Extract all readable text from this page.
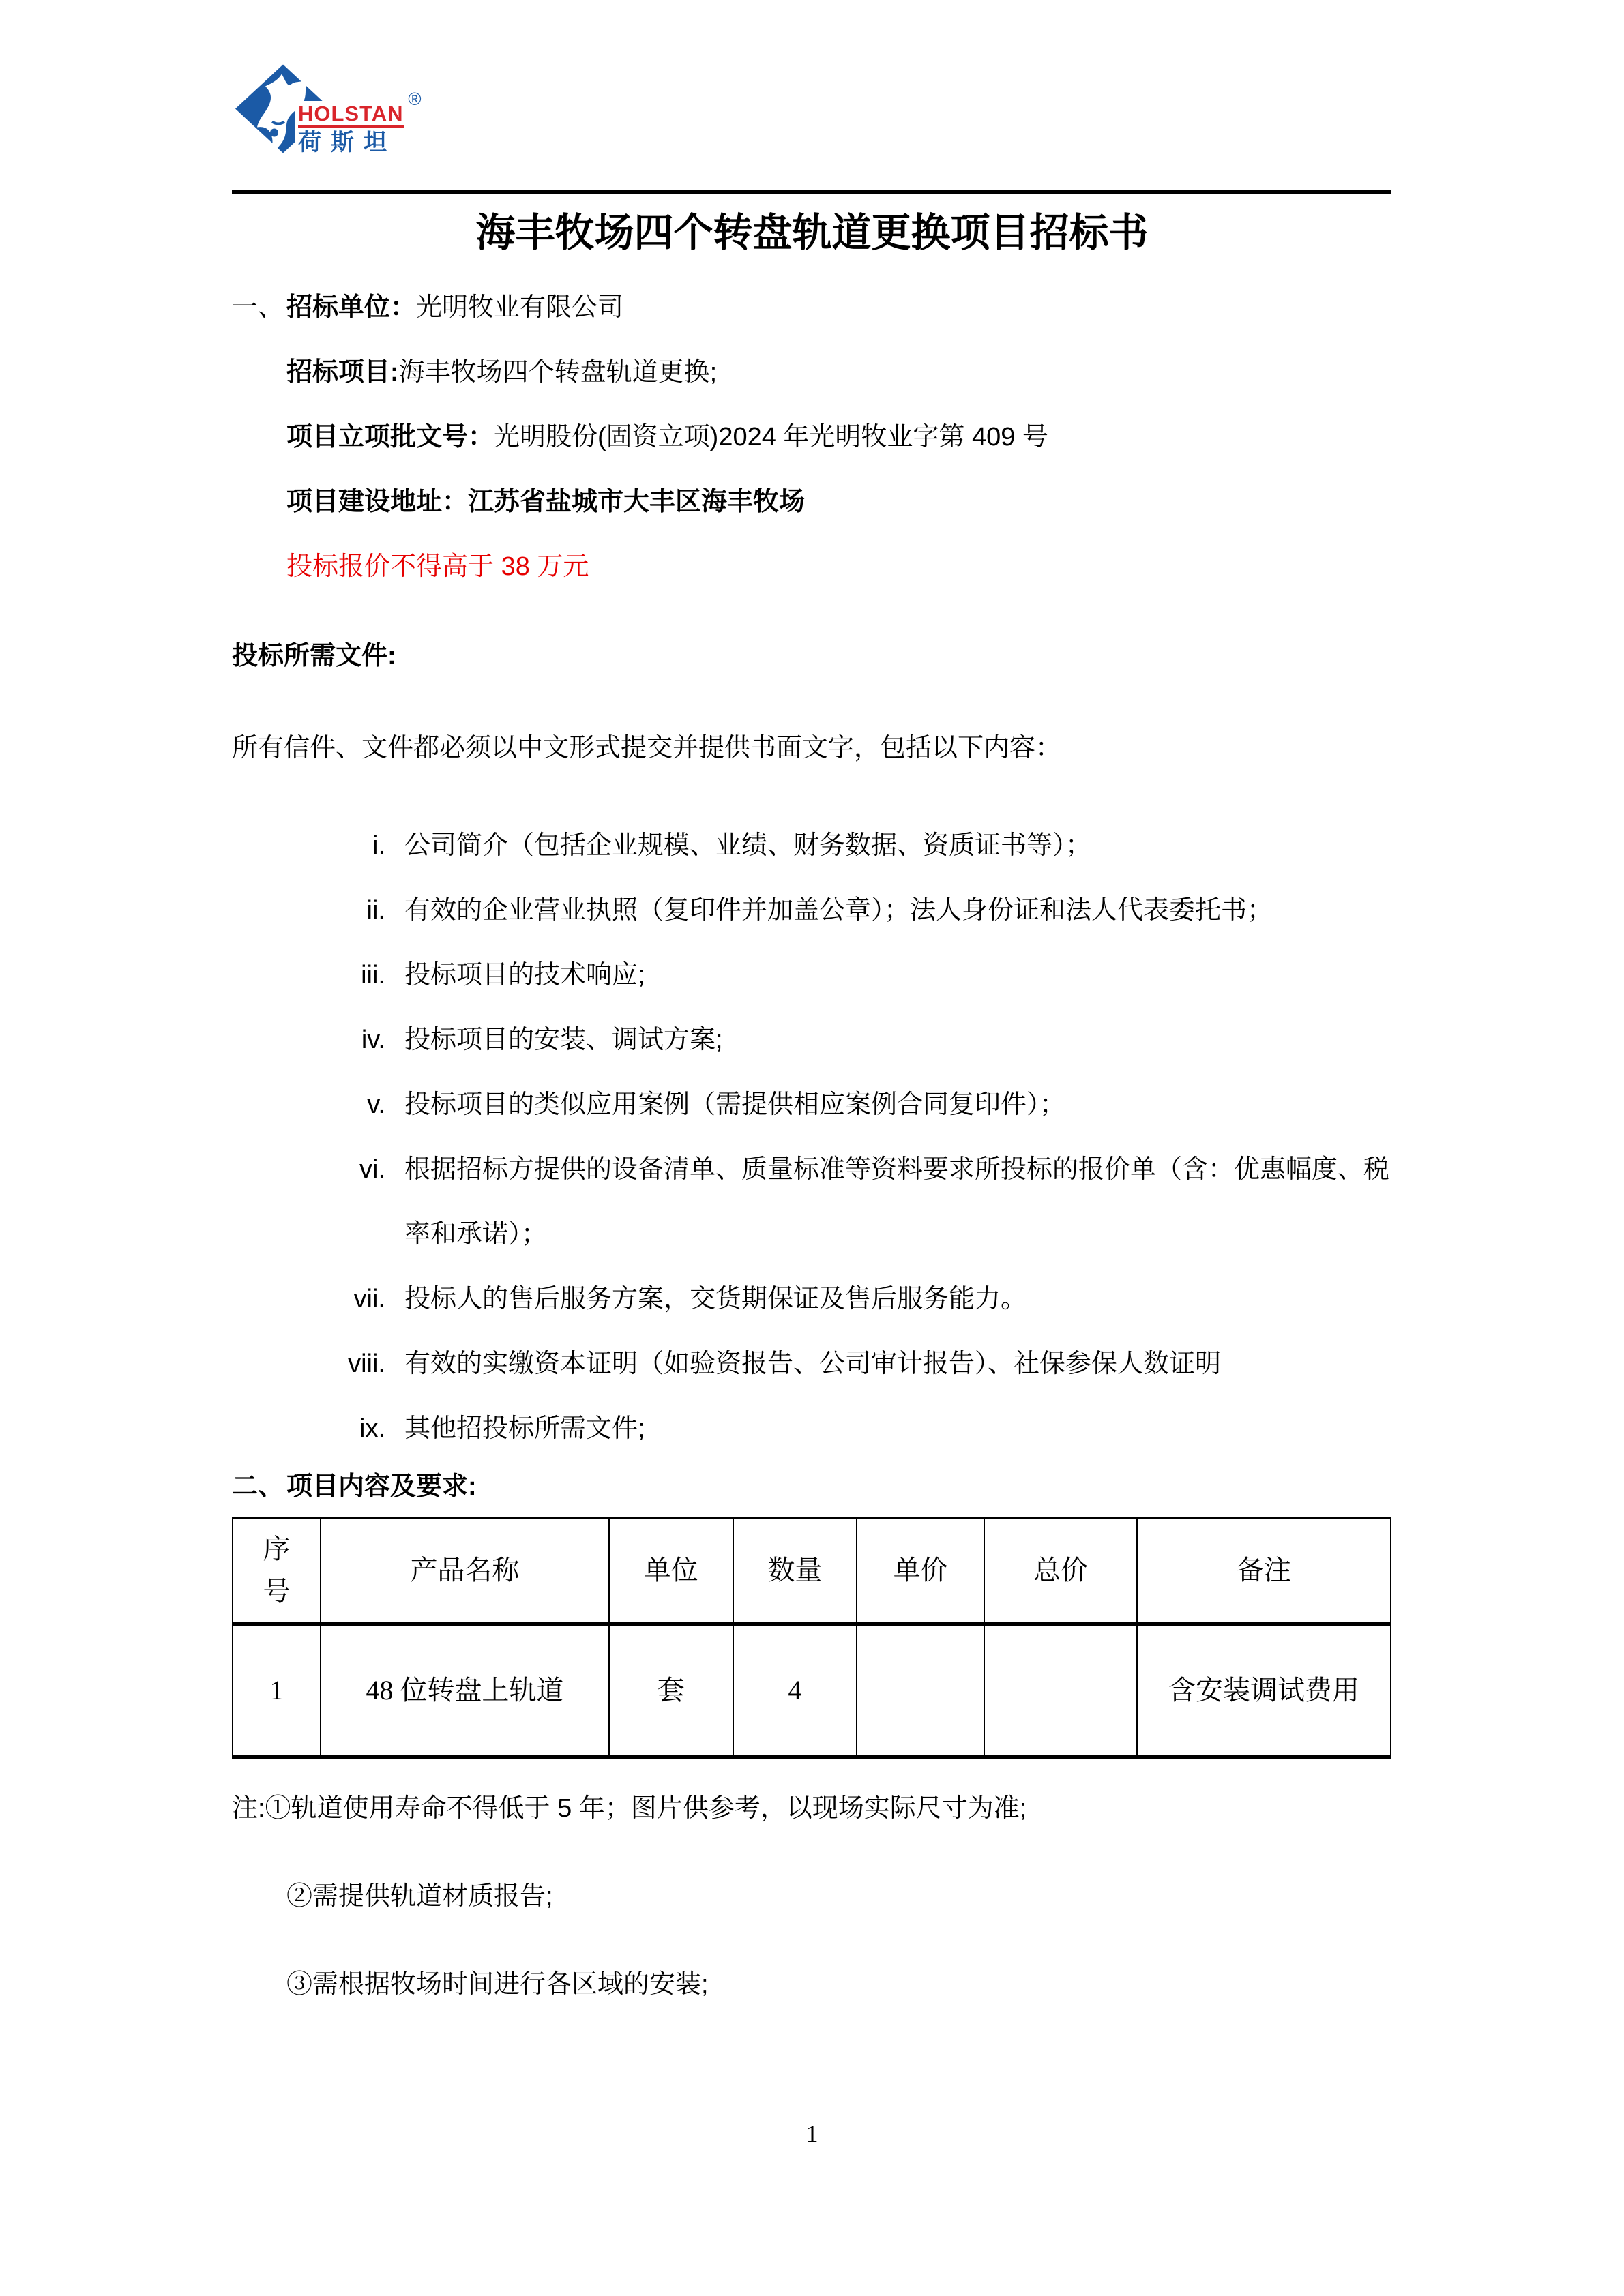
HOLSTAN
®
荷斯坦
海丰牧场四个转盘轨道更换项目招标书
一、 招标单位：光明牧业有限公司
招标项目:海丰牧场四个转盘轨道更换;
项目立项批文号：光明股份(固资立项)2024 年光明牧业字第 409 号
项目建设地址：江苏省盐城市大丰区海丰牧场
投标报价不得高于 38 万元
投标所需文件:
所有信件、文件都必须以中文形式提交并提供书面文字，包括以下内容：
i. 公司简介（包括企业规模、业绩、财务数据、资质证书等）；
ii. 有效的企业营业执照（复印件并加盖公章）；法人身份证和法人代表委托书；
iii. 投标项目的技术响应;
iv. 投标项目的安装、调试方案;
v. 投标项目的类似应用案例（需提供相应案例合同复印件）；
vi. 根据招标方提供的设备清单、质量标准等资料要求所投标的报价单（含：优惠幅度、税率和承诺）；
vii. 投标人的售后服务方案，交货期保证及售后服务能力。
viii. 有效的实缴资本证明（如验资报告、公司审计报告）、社保参保人数证明
ix. 其他招投标所需文件;
二、 项目内容及要求:
序号	产品名称	单位	数量	单价	总价	备注
1	48 位转盘上轨道	套	4			含安装调试费用
注:①轨道使用寿命不得低于 5 年；图片供参考，以现场实际尺寸为准;
②需提供轨道材质报告;
③需根据牧场时间进行各区域的安装;
1
